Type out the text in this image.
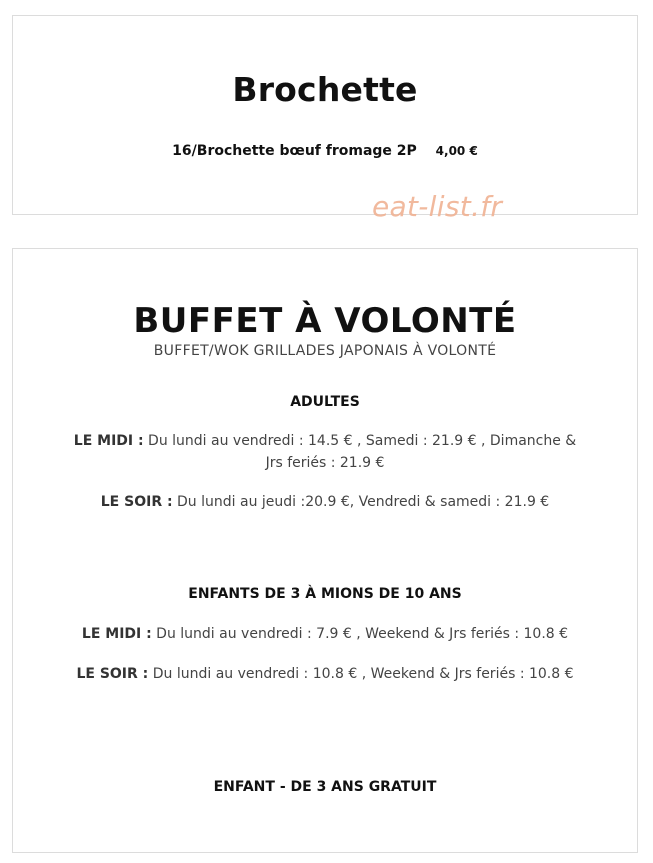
Brochette
16/Brochette bœuf fromage 2P 4,00 €
eat-list.fr
BUFFET À VOLONTÉ
BUFFET/WOK GRILLADES JAPONAIS À VOLONTÉ
ADULTES
LE MIDI : Du lundi au vendredi : 14.5 € , Samedi : 21.9 € , Dimanche & Jrs feriés : 21.9 €
LE SOIR : Du lundi au jeudi :20.9 €, Vendredi & samedi : 21.9 €
ENFANTS DE 3 À MIONS DE 10 ANS
LE MIDI : Du lundi au vendredi : 7.9 € , Weekend & Jrs feriés : 10.8 €
LE SOIR : Du lundi au vendredi : 10.8 € , Weekend & Jrs feriés : 10.8 €
ENFANT - DE 3 ANS GRATUIT
